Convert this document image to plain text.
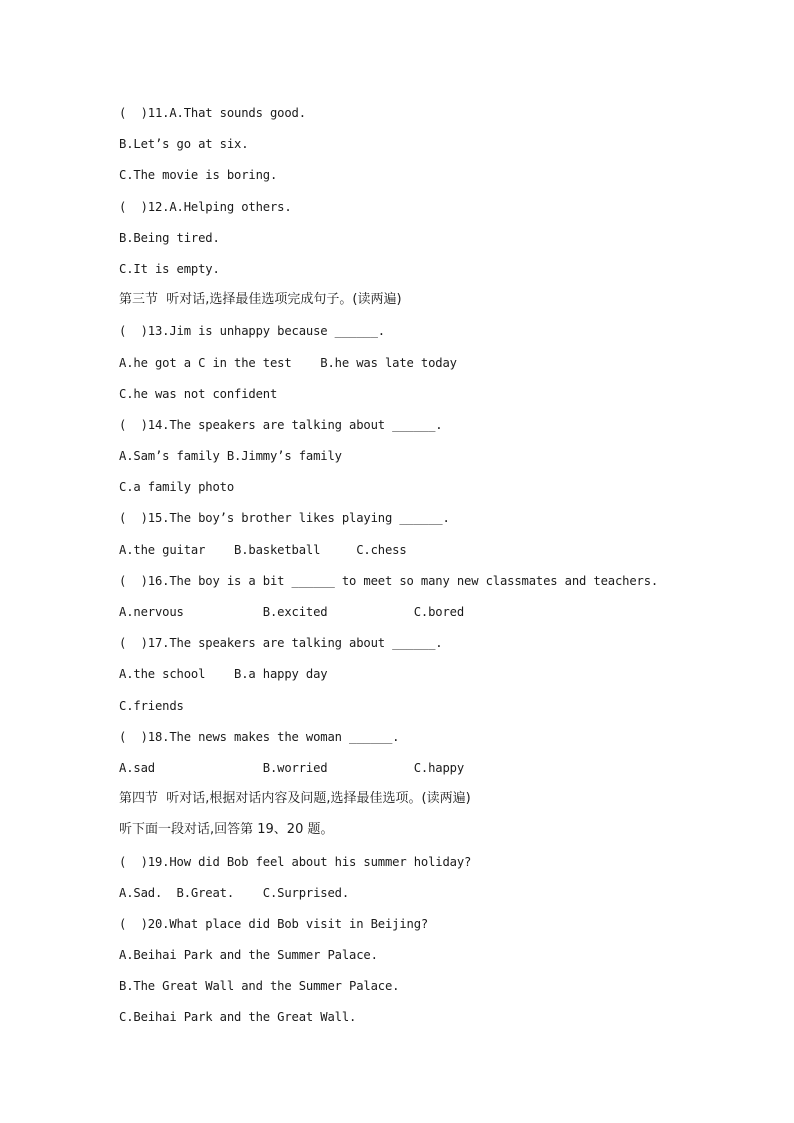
(  )11.A.That sounds good.
B.Let’s go at six.
C.The movie is boring.
(  )12.A.Helping others.
B.Being tired.
C.It is empty.
第三节  听对话,选择最佳选项完成句子。(读两遍)
(  )13.Jim is unhappy because ______.
A.he got a C in the test    B.he was late today
C.he was not confident
(  )14.The speakers are talking about ______.
A.Sam’s family B.Jimmy’s family
C.a family photo
(  )15.The boy’s brother likes playing ______.
A.the guitar    B.basketball     C.chess
(  )16.The boy is a bit ______ to meet so many new classmates and teachers.
A.nervous           B.excited            C.bored
(  )17.The speakers are talking about ______.
A.the school    B.a happy day
C.friends
(  )18.The news makes the woman ______.
A.sad               B.worried            C.happy
第四节  听对话,根据对话内容及问题,选择最佳选项。(读两遍)
听下面一段对话,回答第 19、20 题。
(  )19.How did Bob feel about his summer holiday?
A.Sad.  B.Great.    C.Surprised.
(  )20.What place did Bob visit in Beijing?
A.Beihai Park and the Summer Palace.
B.The Great Wall and the Summer Palace.
C.Beihai Park and the Great Wall.
